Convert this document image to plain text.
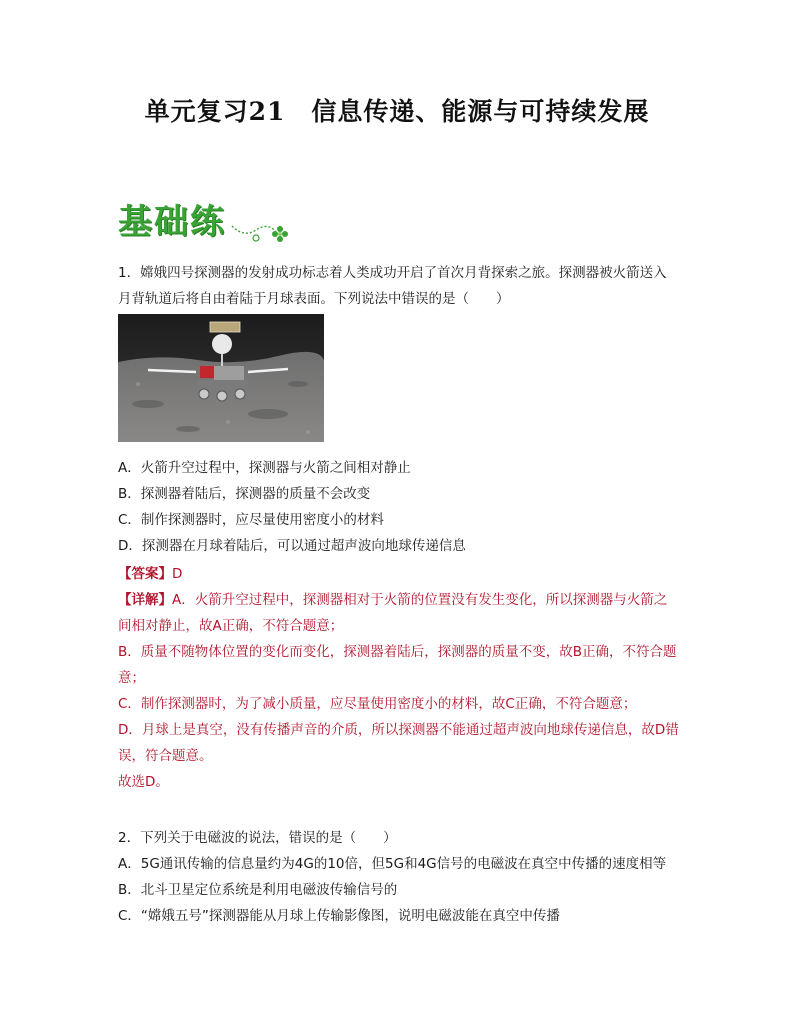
单元复习21　信息传递、能源与可持续发展
基础练
1．嫦娥四号探测器的发射成功标志着人类成功开启了首次月背探索之旅。探测器被火箭送入
月背轨道后将自由着陆于月球表面。下列说法中错误的是（　　）
A．火箭升空过程中，探测器与火箭之间相对静止
B．探测器着陆后，探测器的质量不会改变
C．制作探测器时，应尽量使用密度小的材料
D．探测器在月球着陆后，可以通过超声波向地球传递信息
【答案】D
【详解】A．火箭升空过程中，探测器相对于火箭的位置没有发生变化，所以探测器与火箭之
间相对静止，故A正确，不符合题意；
B．质量不随物体位置的变化而变化，探测器着陆后，探测器的质量不变，故B正确，不符合题
意；
C．制作探测器时，为了减小质量，应尽量使用密度小的材料，故C正确，不符合题意；
D．月球上是真空，没有传播声音的介质，所以探测器不能通过超声波向地球传递信息，故D错
误，符合题意。
故选D。
2．下列关于电磁波的说法，错误的是（　　）
A．5G通讯传输的信息量约为4G的10倍，但5G和4G信号的电磁波在真空中传播的速度相等
B．北斗卫星定位系统是利用电磁波传输信号的
C．“嫦娥五号”探测器能从月球上传输影像图，说明电磁波能在真空中传播
